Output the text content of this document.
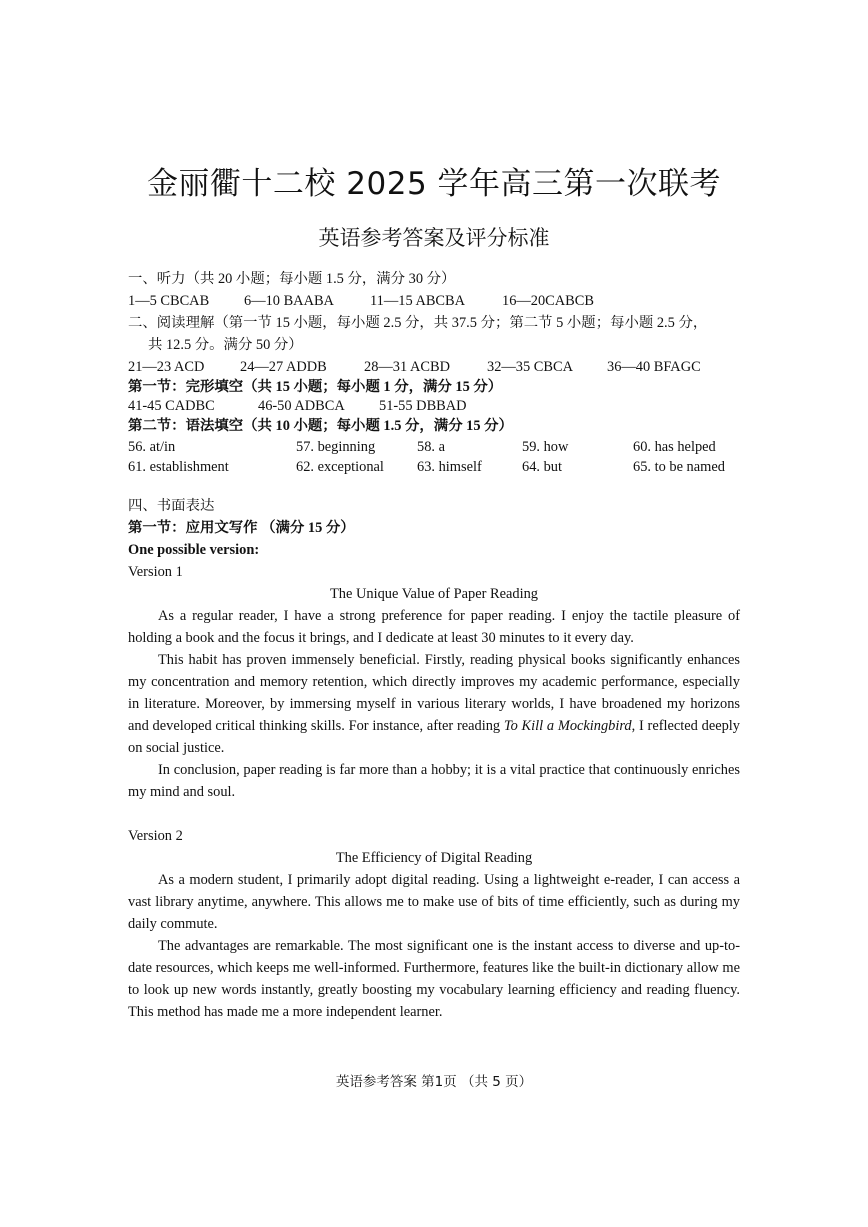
金丽衢十二校 2025 学年高三第一次联考
英语参考答案及评分标准
一、听力（共 20 小题；每小题 1.5 分，满分 30 分）
1—5 CBCAB	6—10 BAABA	11—15 ABCBA	16—20CABCB
二、阅读理解（第一节 15 小题，每小题 2.5 分，共 37.5 分；第二节 5 小题；每小题 2.5 分，
共 12.5 分。满分 50 分）
21—23 ACD	24—27 ADDB	28—31 ACBD	32—35 CBCA	36—40 BFAGC
第一节：完形填空（共 15 小题；每小题 1 分，满分 15 分）
41-45 CADBC	46-50 ADBCA	51-55 DBBAD
第二节：语法填空（共 10 小题；每小题 1.5 分，满分 15 分）
56. at/in	57. beginning	58. a	59. how	60. has helped
61. establishment	62. exceptional	63. himself	64. but	65. to be named
四、书面表达
第一节：应用文写作 （满分 15 分）
One possible version:
Version 1
The Unique Value of Paper Reading
As a regular reader, I have a strong preference for paper reading. I enjoy the tactile pleasure of holding a book and the focus it brings, and I dedicate at least 30 minutes to it every day.
This habit has proven immensely beneficial. Firstly, reading physical books significantly enhances my concentration and memory retention, which directly improves my academic performance, especially in literature. Moreover, by immersing myself in various literary worlds, I have broadened my horizons and developed critical thinking skills. For instance, after reading To Kill a Mockingbird, I reflected deeply on social justice.
In conclusion, paper reading is far more than a hobby; it is a vital practice that continuously enriches my mind and soul.
Version 2
The Efficiency of Digital Reading
As a modern student, I primarily adopt digital reading. Using a lightweight e-reader, I can access a vast library anytime, anywhere. This allows me to make use of bits of time efficiently, such as during my daily commute.
The advantages are remarkable. The most significant one is the instant access to diverse and up-to-date resources, which keeps me well-informed. Furthermore, features like the built-in dictionary allow me to look up new words instantly, greatly boosting my vocabulary learning efficiency and reading fluency. This method has made me a more independent learner.
英语参考答案 第1页 （共 5 页）
